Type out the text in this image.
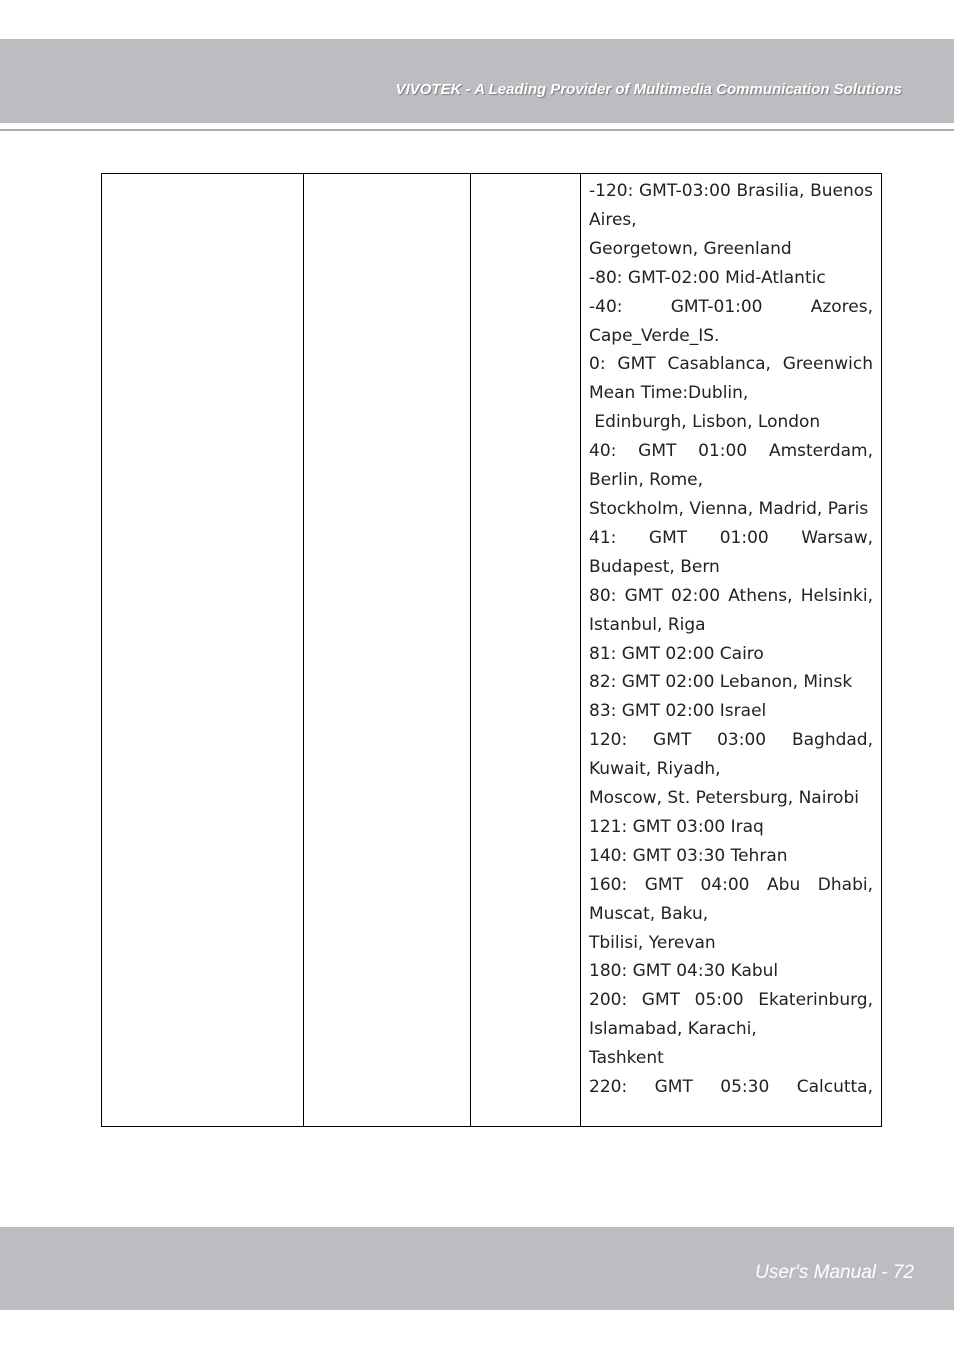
VIVOTEK - A Leading Provider of Multimedia Communication Solutions

-120: GMT-03:00 Brasilia, Buenos Aires,
Georgetown, Greenland
-80: GMT-02:00 Mid-Atlantic
-40: GMT-01:00 Azores, Cape_Verde_IS.
0: GMT Casablanca, Greenwich Mean Time:Dublin,
Edinburgh, Lisbon, London
40: GMT 01:00 Amsterdam, Berlin, Rome,
Stockholm, Vienna, Madrid, Paris
41: GMT 01:00 Warsaw, Budapest, Bern
80: GMT 02:00 Athens, Helsinki, Istanbul, Riga
81: GMT 02:00 Cairo
82: GMT 02:00 Lebanon, Minsk
83: GMT 02:00 Israel
120: GMT 03:00 Baghdad, Kuwait, Riyadh,
Moscow, St. Petersburg, Nairobi
121: GMT 03:00 Iraq
140: GMT 03:30 Tehran
160: GMT 04:00 Abu Dhabi, Muscat, Baku,
Tbilisi, Yerevan
180: GMT 04:30 Kabul
200: GMT 05:00 Ekaterinburg, Islamabad, Karachi,
Tashkent
220: GMT 05:30 Calcutta,
User's Manual - 72
